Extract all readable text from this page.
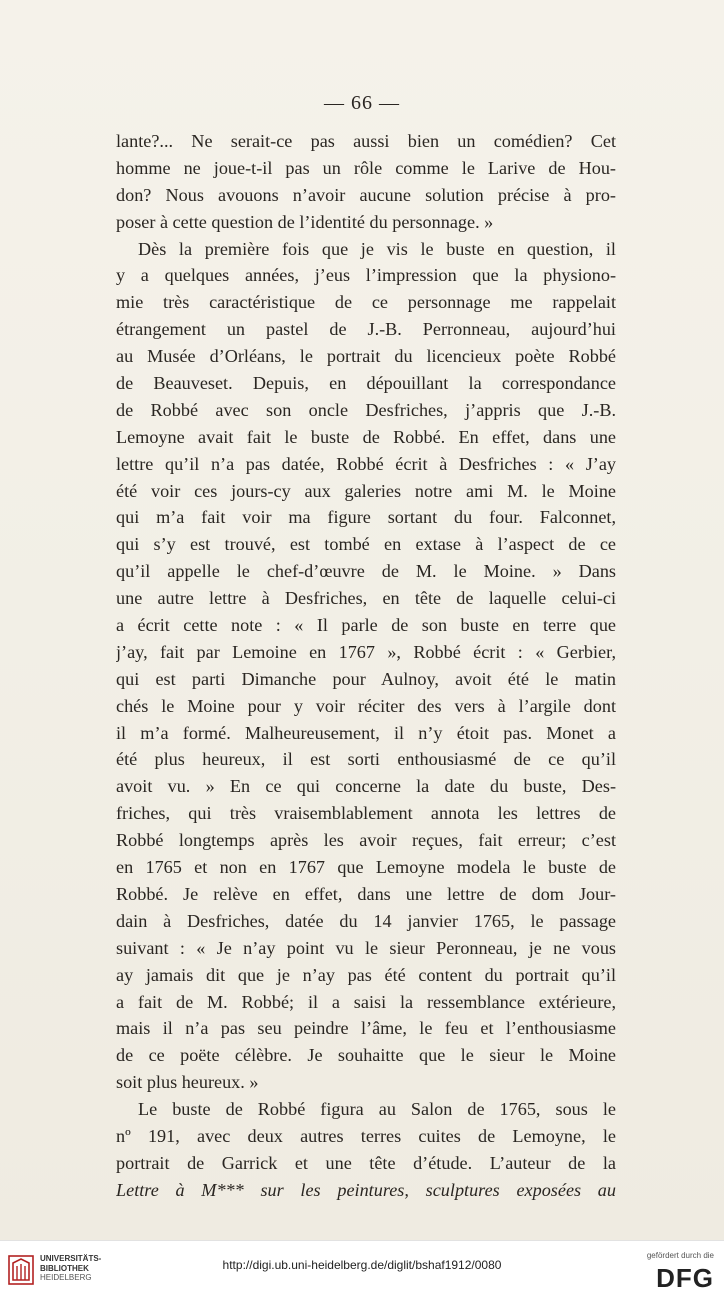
— 66 —
lante?... Ne serait-ce pas aussi bien un comédien? Cet
homme ne joue-t-il pas un rôle comme le Larive de Hou-
don? Nous avouons n’avoir aucune solution précise à pro-
poser à cette question de l’identité du personnage. »
Dès la première fois que je vis le buste en question, il
y a quelques années, j’eus l’impression que la physiono-
mie très caractéristique de ce personnage me rappelait
étrangement un pastel de J.-B. Perronneau, aujourd’hui
au Musée d’Orléans, le portrait du licencieux poète Robbé
de Beauveset. Depuis, en dépouillant la correspondance
de Robbé avec son oncle Desfriches, j’appris que J.-B.
Lemoyne avait fait le buste de Robbé. En effet, dans une
lettre qu’il n’a pas datée, Robbé écrit à Desfriches : « J’ay
été voir ces jours-cy aux galeries notre ami M. le Moine
qui m’a fait voir ma figure sortant du four. Falconnet,
qui s’y est trouvé, est tombé en extase à l’aspect de ce
qu’il appelle le chef-d’œuvre de M. le Moine. » Dans
une autre lettre à Desfriches, en tête de laquelle celui-ci
a écrit cette note : « Il parle de son buste en terre que
j’ay, fait par Lemoine en 1767 », Robbé écrit : « Gerbier,
qui est parti Dimanche pour Aulnoy, avoit été le matin
chés le Moine pour y voir réciter des vers à l’argile dont
il m’a formé. Malheureusement, il n’y étoit pas. Monet a
été plus heureux, il est sorti enthousiasmé de ce qu’il
avoit vu. » En ce qui concerne la date du buste, Des-
friches, qui très vraisemblablement annota les lettres de
Robbé longtemps après les avoir reçues, fait erreur; c’est
en 1765 et non en 1767 que Lemoyne modela le buste de
Robbé. Je relève en effet, dans une lettre de dom Jour-
dain à Desfriches, datée du 14 janvier 1765, le passage
suivant : « Je n’ay point vu le sieur Peronneau, je ne vous
ay jamais dit que je n’ay pas été content du portrait qu’il
a fait de M. Robbé; il a saisi la ressemblance extérieure,
mais il n’a pas seu peindre l’âme, le feu et l’enthousiasme
de ce poëte célèbre. Je souhaitte que le sieur le Moine
soit plus heureux. »
Le buste de Robbé figura au Salon de 1765, sous le
nº 191, avec deux autres terres cuites de Lemoyne, le
portrait de Garrick et une tête d’étude. L’auteur de la
Lettre à M*** sur les peintures, sculptures exposées au
UNIVERSITÄTS-
BIBLIOTHEK
HEIDELBERG
http://digi.ub.uni-heidelberg.de/diglit/bshaf1912/0080
gefördert durch die
DFG
